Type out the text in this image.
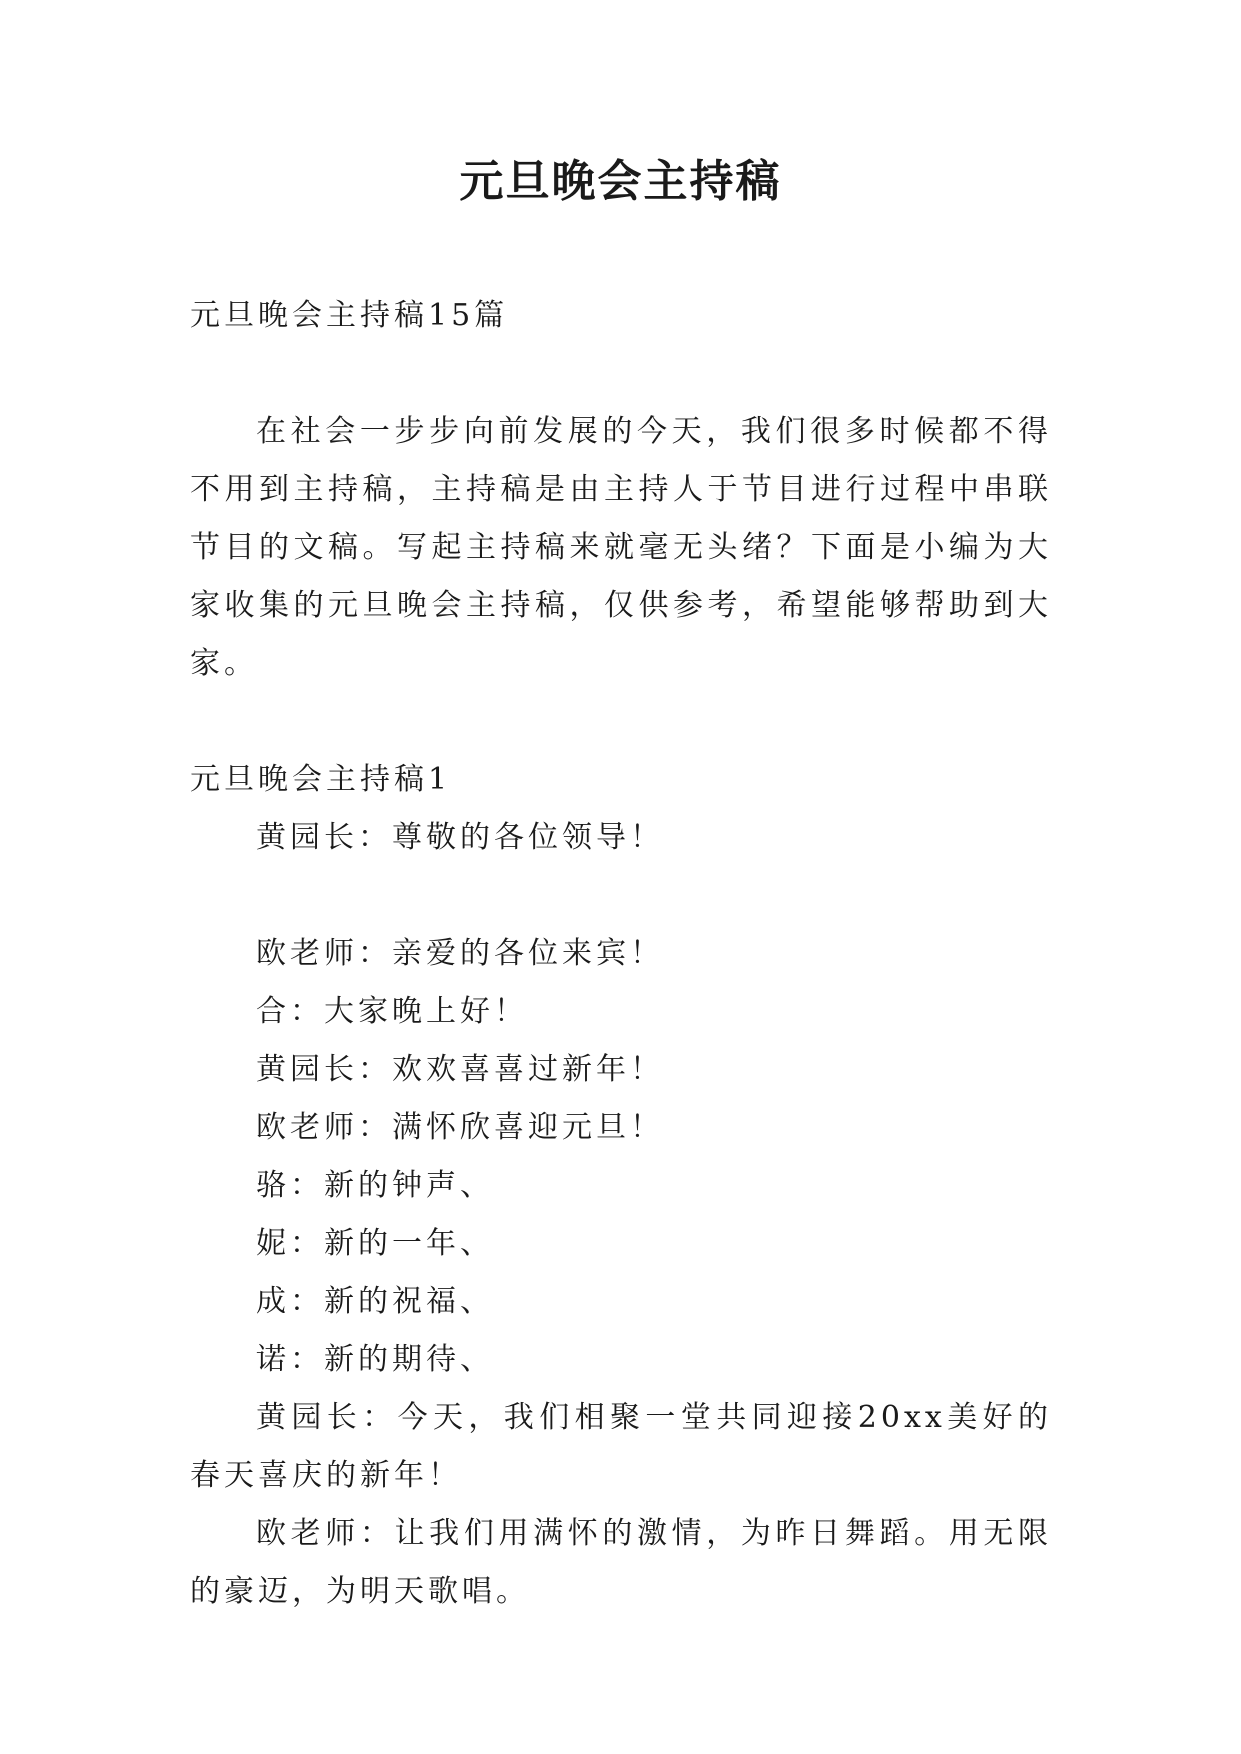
元旦晚会主持稿

元旦晚会主持稿15篇

在社会一步步向前发展的今天，我们很多时候都不得不用到主持稿，主持稿是由主持人于节目进行过程中串联节目的文稿。写起主持稿来就毫无头绪？下面是小编为大家收集的元旦晚会主持稿，仅供参考，希望能够帮助到大家。

元旦晚会主持稿1

黄园长：尊敬的各位领导！

欧老师：亲爱的各位来宾！

合：大家晚上好！

黄园长：欢欢喜喜过新年！

欧老师：满怀欣喜迎元旦！

骆：新的钟声、

妮：新的一年、

成：新的祝福、

诺：新的期待、

黄园长：今天，我们相聚一堂共同迎接20xx美好的春天喜庆的新年！

欧老师：让我们用满怀的激情，为昨日舞蹈。用无限的豪迈，为明天歌唱。
